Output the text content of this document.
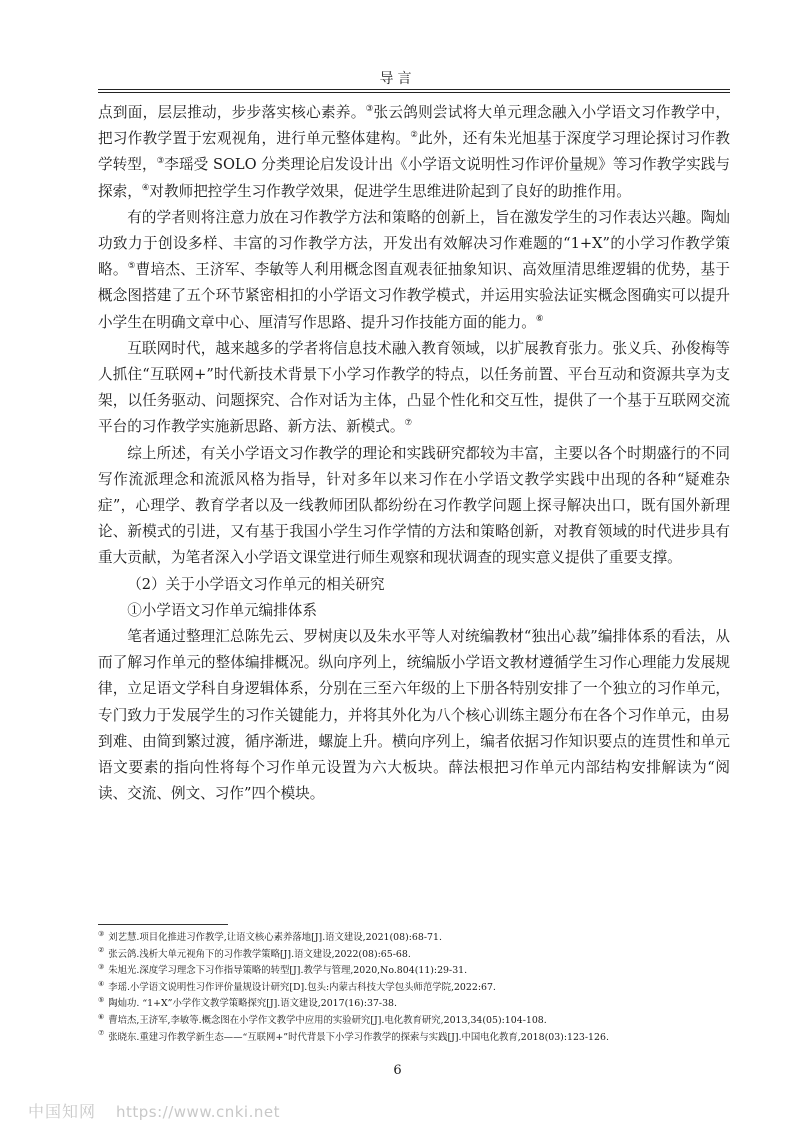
导言

点到面，层层推动，步步落实核心素养。③张云鸽则尝试将大单元理念融入小学语文习作教学中，把习作教学置于宏观视角，进行单元整体建构。②此外，还有朱光旭基于深度学习理论探讨习作教学转型，③李瑶受 SOLO 分类理论启发设计出《小学语文说明性习作评价量规》等习作教学实践与探索，④对教师把控学生习作教学效果，促进学生思维进阶起到了良好的助推作用。

有的学者则将注意力放在习作教学方法和策略的创新上，旨在激发学生的习作表达兴趣。陶灿功致力于创设多样、丰富的习作教学方法，开发出有效解决习作难题的“1+X”的小学习作教学策略。⑤曹培杰、王济军、李敏等人利用概念图直观表征抽象知识、高效厘清思维逻辑的优势，基于概念图搭建了五个环节紧密相扣的小学语文习作教学模式，并运用实验法证实概念图确实可以提升小学生在明确文章中心、厘清写作思路、提升习作技能方面的能力。⑥

互联网时代，越来越多的学者将信息技术融入教育领域，以扩展教育张力。张义兵、孙俊梅等人抓住“互联网+”时代新技术背景下小学习作教学的特点，以任务前置、平台互动和资源共享为支架，以任务驱动、问题探究、合作对话为主体，凸显个性化和交互性，提供了一个基于互联网交流平台的习作教学实施新思路、新方法、新模式。⑦

综上所述，有关小学语文习作教学的理论和实践研究都较为丰富，主要以各个时期盛行的不同写作流派理念和流派风格为指导，针对多年以来习作在小学语文教学实践中出现的各种“疑难杂症”，心理学、教育学者以及一线教师团队都纷纷在习作教学问题上探寻解决出口，既有国外新理论、新模式的引进，又有基于我国小学生习作学情的方法和策略创新，对教育领域的时代进步具有重大贡献，为笔者深入小学语文课堂进行师生观察和现状调查的现实意义提供了重要支撑。

（2）关于小学语文习作单元的相关研究

①小学语文习作单元编排体系

笔者通过整理汇总陈先云、罗树庚以及朱水平等人对统编教材“独出心裁”编排体系的看法，从而了解习作单元的整体编排概况。纵向序列上，统编版小学语文教材遵循学生习作心理能力发展规律，立足语文学科自身逻辑体系，分别在三至六年级的上下册各特别安排了一个独立的习作单元，专门致力于发展学生的习作关键能力，并将其外化为八个核心训练主题分布在各个习作单元，由易到难、由简到繁过渡，循序渐进，螺旋上升。横向序列上，编者依据习作知识要点的连贯性和单元语文要素的指向性将每个习作单元设置为六大板块。薛法根把习作单元内部结构安排解读为“阅读、交流、例文、习作”四个模块。

③ 刘艺慧.项目化推进习作教学,让语文核心素养落地[J].语文建设,2021(08):68-71.
② 张云鸽.浅析大单元视角下的习作教学策略[J].语文建设,2022(08):65-68.
③ 朱旭光.深度学习理念下习作指导策略的转型[J].教学与管理,2020,No.804(11):29-31.
④ 李瑶.小学语文说明性习作评价量规设计研究[D].包头:内蒙古科技大学包头师范学院,2022:67.
⑤ 陶灿功. “1+X”小学作文教学策略探究[J].语文建设,2017(16):37-38.
⑥ 曹培杰,王济军,李敏等.概念图在小学作文教学中应用的实验研究[J].电化教育研究,2013,34(05):104-108.
⑦ 张晓东.重建习作教学新生态——“互联网+”时代背景下小学习作教学的探索与实践[J].中国电化教育,2018(03):123-126.
6
中国知网 https://www.cnki.net
